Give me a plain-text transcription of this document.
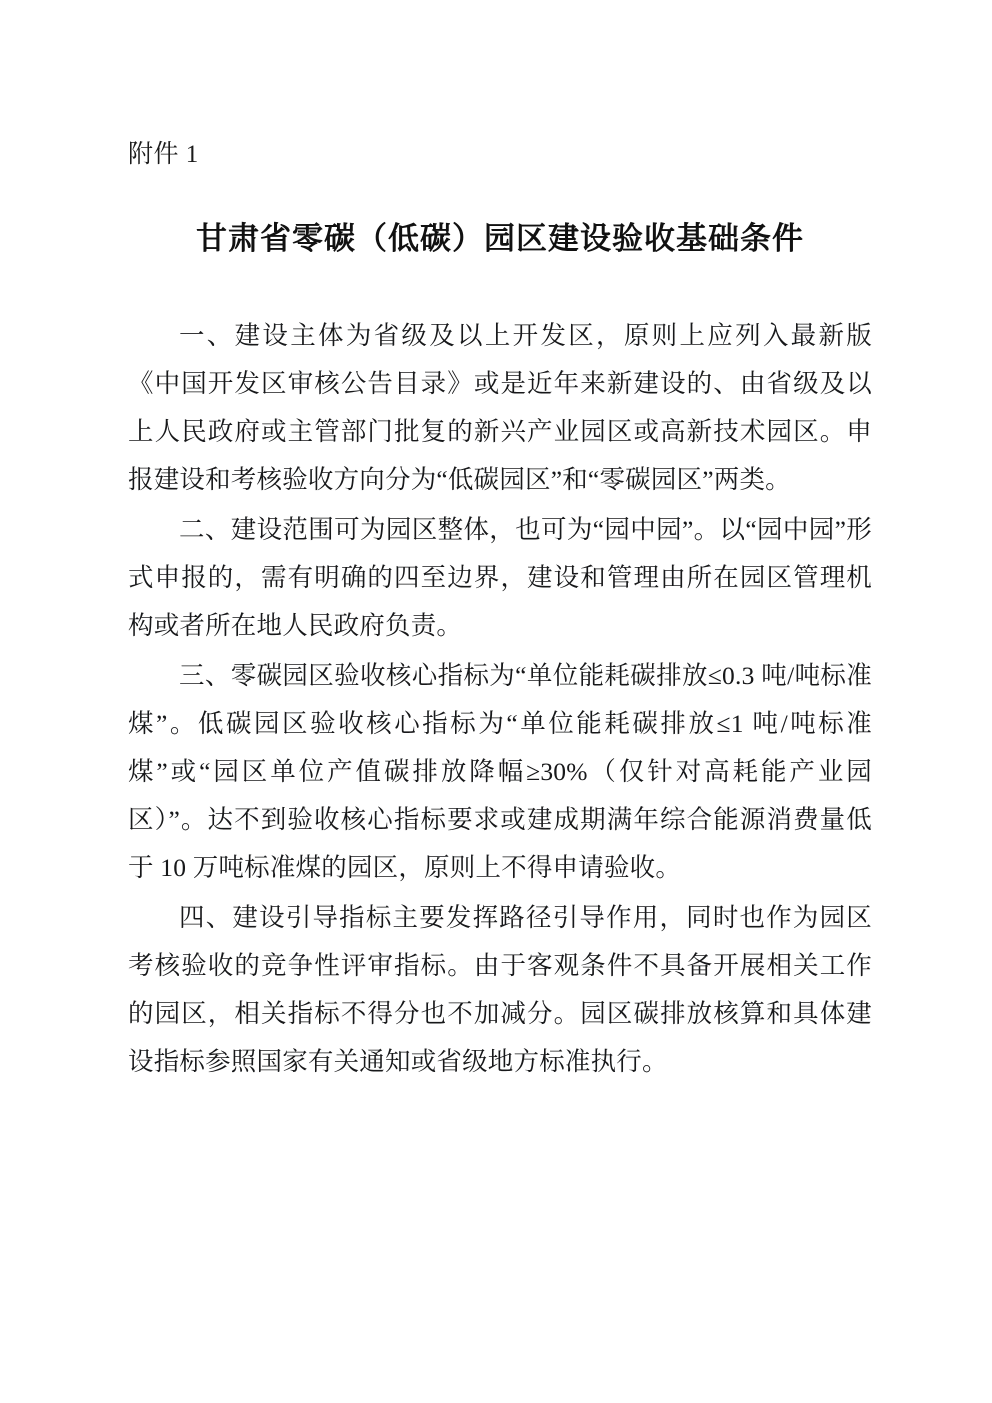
附件 1

甘肃省零碳（低碳）园区建设验收基础条件

一、建设主体为省级及以上开发区，原则上应列入最新版《中国开发区审核公告目录》或是近年来新建设的、由省级及以上人民政府或主管部门批复的新兴产业园区或高新技术园区。申报建设和考核验收方向分为“低碳园区”和“零碳园区”两类。

二、建设范围可为园区整体，也可为“园中园”。以“园中园”形式申报的，需有明确的四至边界，建设和管理由所在园区管理机构或者所在地人民政府负责。

三、零碳园区验收核心指标为“单位能耗碳排放≤0.3 吨/吨标准煤”。低碳园区验收核心指标为“单位能耗碳排放≤1 吨/吨标准煤”或“园区单位产值碳排放降幅≥30%（仅针对高耗能产业园区）”。达不到验收核心指标要求或建成期满年综合能源消费量低于 10 万吨标准煤的园区，原则上不得申请验收。

四、建设引导指标主要发挥路径引导作用，同时也作为园区考核验收的竞争性评审指标。由于客观条件不具备开展相关工作的园区，相关指标不得分也不加减分。园区碳排放核算和具体建设指标参照国家有关通知或省级地方标准执行。
